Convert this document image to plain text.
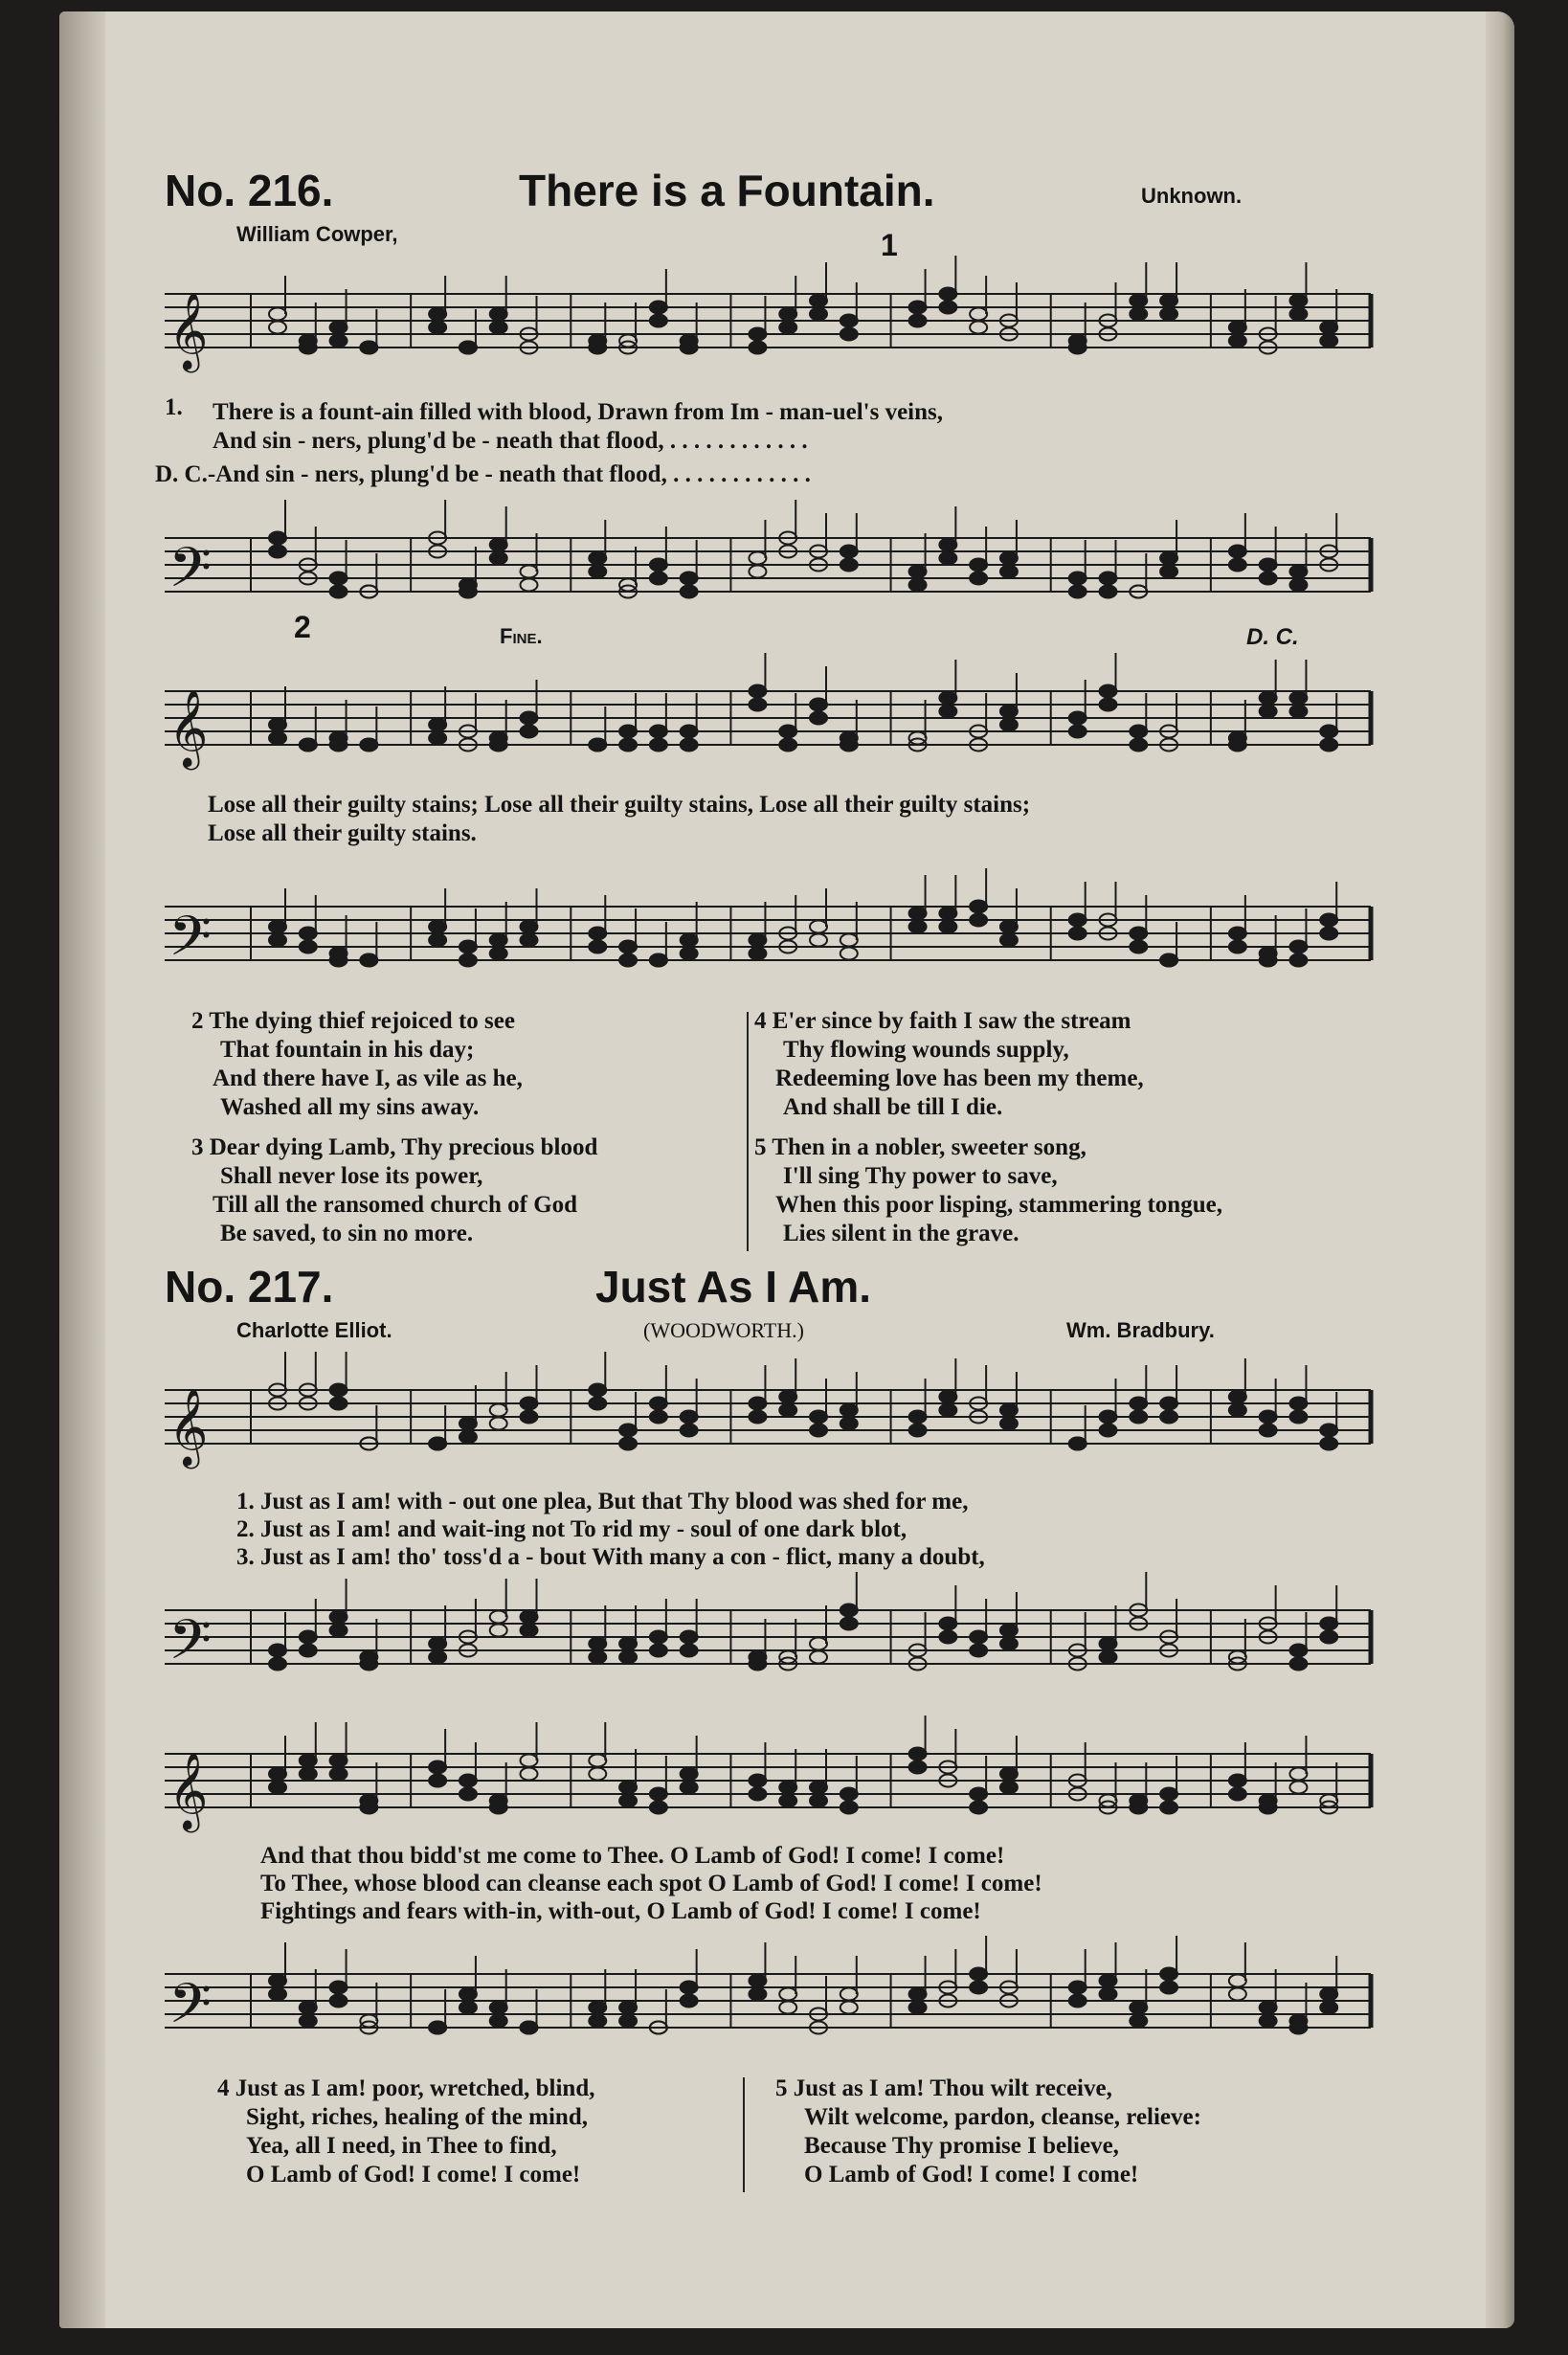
No. 216.	There is a Fountain.	Unknown.
William Cowper,	1
𝄞
1. There is a fount-ain filled with blood, Drawn from Im - man-uel's veins,
And sin - ners, plung'd be - neath that flood, . . . . . . . . . . . .
D. C.-And sin - ners, plung'd be - neath that flood, . . . . . . . . . . . .
𝄢
2	Fine.	D. C.
𝄞
Lose all their guilty stains; Lose all their guilty stains, Lose all their guilty stains;
Lose all their guilty stains.
𝄢
2 The dying thief rejoiced to see
That fountain in his day;
And there have I, as vile as he,
Washed all my sins away.
3 Dear dying Lamb, Thy precious blood
Shall never lose its power,
Till all the ransomed church of God
Be saved, to sin no more.
4 E'er since by faith I saw the stream
Thy flowing wounds supply,
Redeeming love has been my theme,
And shall be till I die.
5 Then in a nobler, sweeter song,
I'll sing Thy power to save,
When this poor lisping, stammering tongue,
Lies silent in the grave.
No. 217.	Just As I Am.
Charlotte Elliot.	(WOODWORTH.)	Wm. Bradbury.
𝄞
1. Just as I am! with - out one plea, But that Thy blood was shed for me,
2. Just as I am! and wait-ing not To rid my - soul of one dark blot,
3. Just as I am! tho' toss'd a - bout With many a con - flict, many a doubt,
𝄢
𝄞
And that thou bidd'st me come to Thee. O Lamb of God! I come! I come!
To Thee, whose blood can cleanse each spot O Lamb of God! I come! I come!
Fightings and fears with-in, with-out, O Lamb of God! I come! I come!
𝄢
4 Just as I am! poor, wretched, blind,
Sight, riches, healing of the mind,
Yea, all I need, in Thee to find,
O Lamb of God! I come! I come!
5 Just as I am! Thou wilt receive,
Wilt welcome, pardon, cleanse, relieve:
Because Thy promise I believe,
O Lamb of God! I come! I come!
